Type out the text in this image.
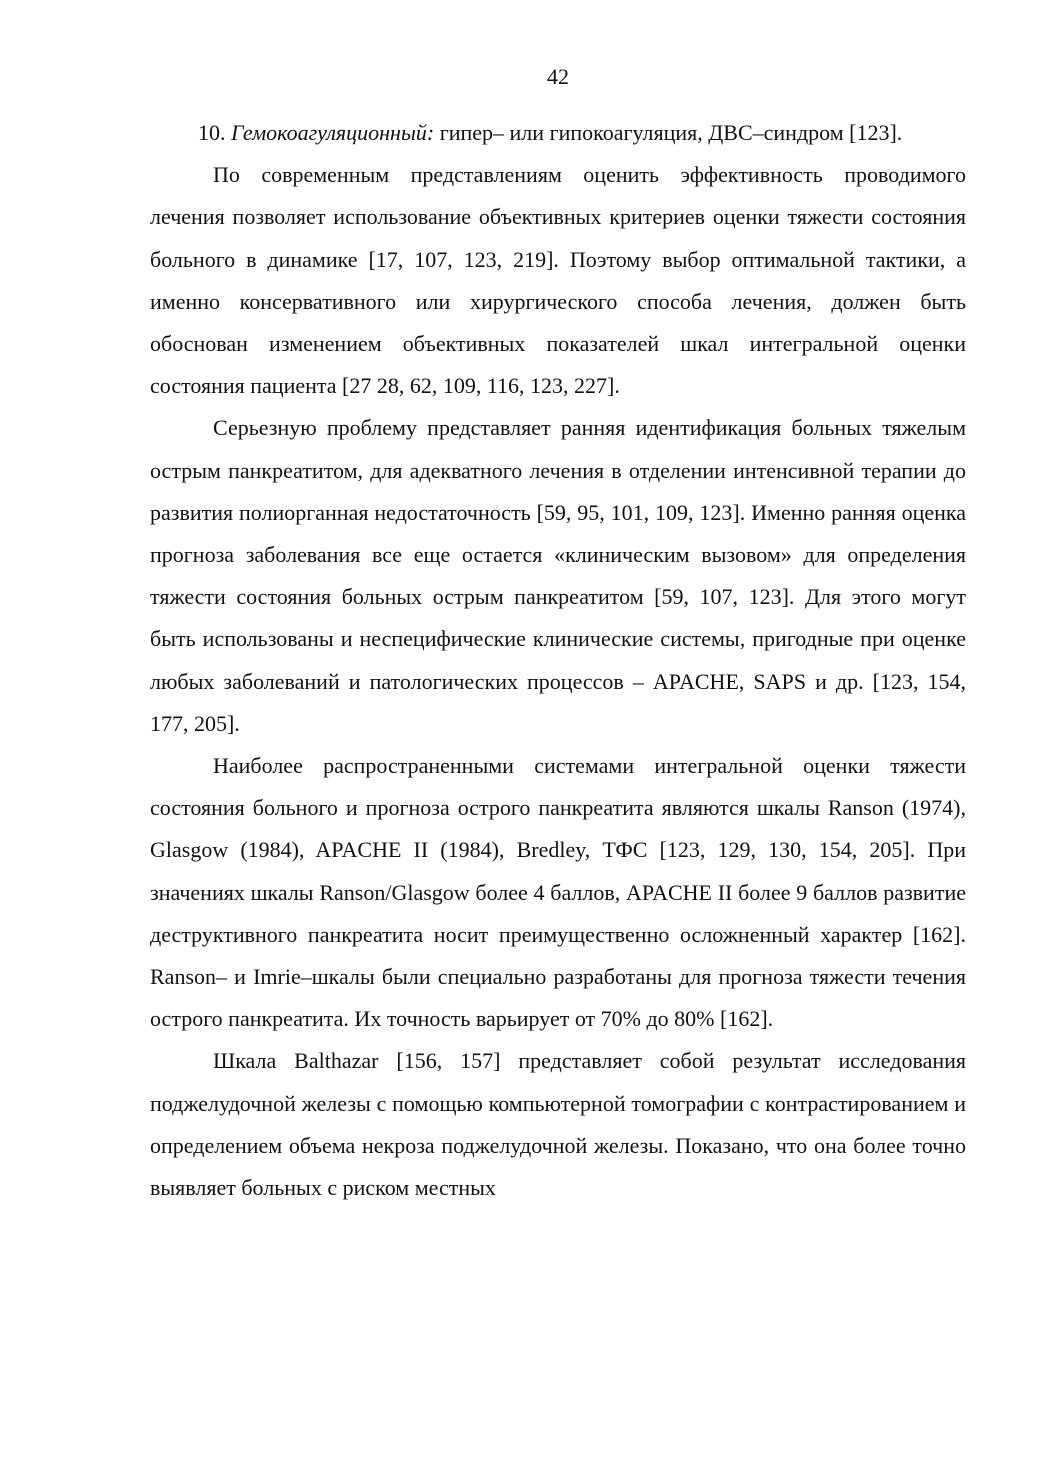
42

10. Гемокоагуляционный: гипер– или гипокоагуляция, ДВС–синдром [123].

По современным представлениям оценить эффективность проводимого лечения позволяет использование объективных критериев оценки тяжести состояния больного в динамике [17, 107, 123, 219]. Поэтому выбор оптимальной тактики, а именно консервативного или хирургического способа лечения, должен быть обоснован изменением объективных показателей шкал интегральной оценки состояния пациента [27 28, 62, 109, 116, 123, 227].

Серьезную проблему представляет ранняя идентификация больных тяжелым острым панкреатитом, для адекватного лечения в отделении интенсивной терапии до развития полиорганная недостаточность [59, 95, 101, 109, 123]. Именно ранняя оценка прогноза заболевания все еще остается «клиническим вызовом» для определения тяжести состояния больных острым панкреатитом [59, 107, 123]. Для этого могут быть использованы и неспецифические клинические системы, пригодные при оценке любых заболеваний и патологических процессов – APACHE, SAPS и др. [123, 154, 177, 205].

Наиболее распространенными системами интегральной оценки тяжести состояния больного и прогноза острого панкреатита являются шкалы Ranson (1974), Glasgow (1984), APACHE II (1984), Bredley, ТФС [123, 129, 130, 154, 205]. При значениях шкалы Ranson/Glasgow более 4 баллов, APACHE II более 9 баллов развитие деструктивного панкреатита носит преимущественно осложненный характер [162]. Ranson– и Imrie–шкалы были специально разработаны для прогноза тяжести течения острого панкреатита. Их точность варьирует от 70% до 80% [162].

Шкала Balthazar [156, 157] представляет собой результат исследования поджелудочной железы с помощью компьютерной томографии с контрастированием и определением объема некроза поджелудочной железы. Показано, что она более точно выявляет больных с риском местных
